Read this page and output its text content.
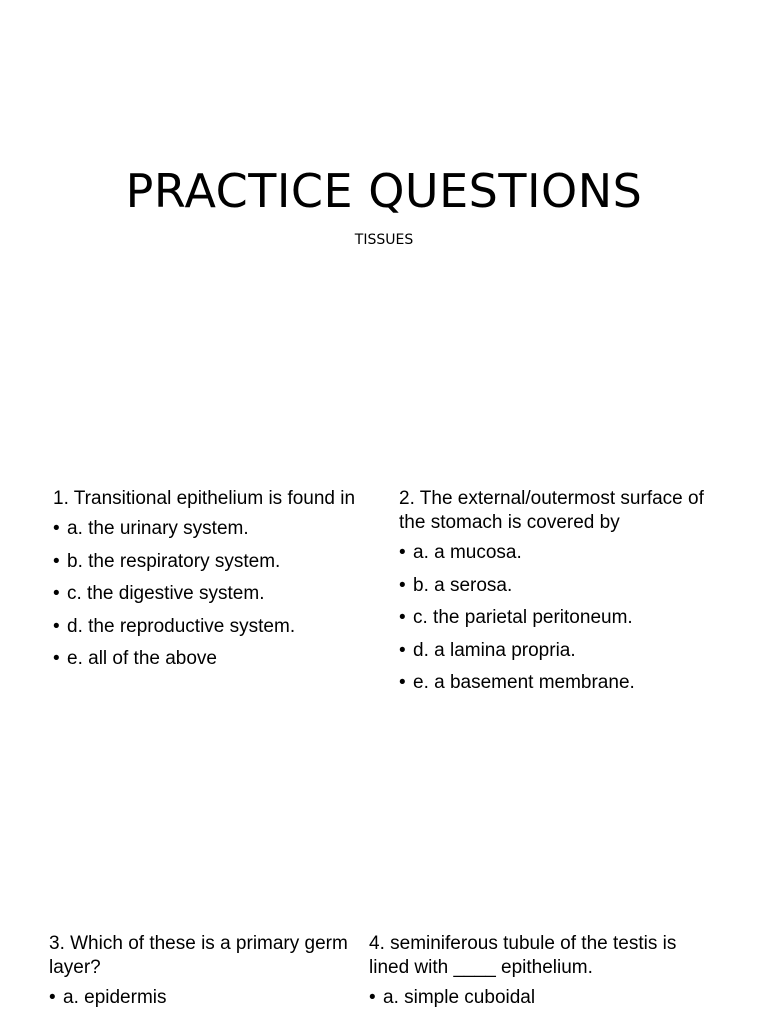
PRACTICE QUESTIONS
TISSUES
1. Transitional epithelium is found in
• a. the urinary system.
• b. the respiratory system.
• c. the digestive system.
• d. the reproductive system.
• e. all of the above
2. The external/outermost surface of the stomach is covered by
• a. a mucosa.
• b. a serosa.
• c. the parietal peritoneum.
• d. a lamina propria.
• e. a basement membrane.
3. Which of these is a primary germ layer?
• a. epidermis
4. seminiferous tubule of the testis is lined with ____ epithelium.
• a. simple cuboidal
